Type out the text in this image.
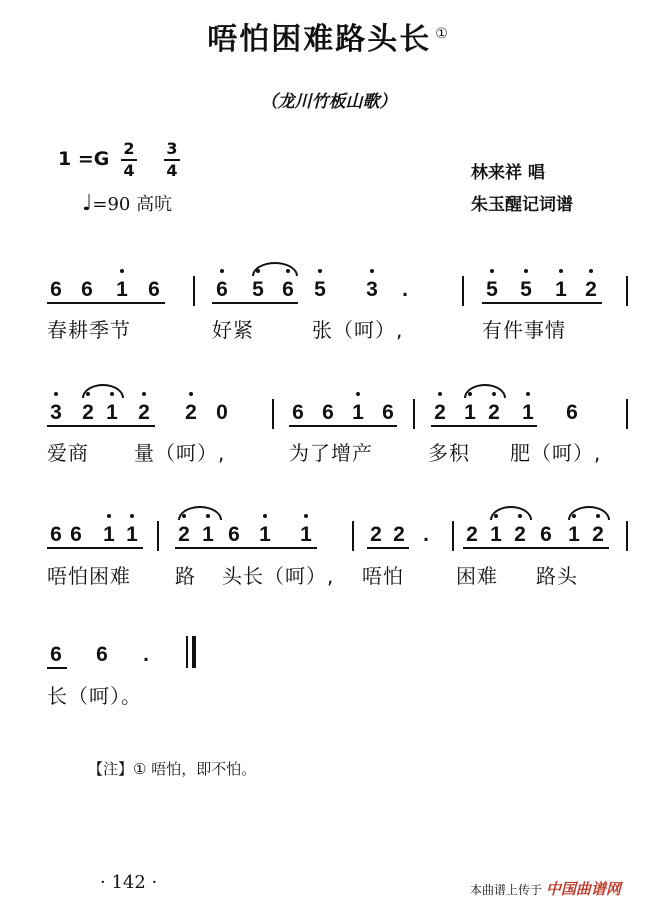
唔怕困难路头长 ①
（龙川竹板山歌）
1 =G 2
4
3
4
♩=90 高吭
林来祥 唱
朱玉醒记词谱
6 6 1 6	6 5 6 5 3 .	5 5 1 2
春耕季节	好紧	张（呵）,	有件事情
3 2 1 2 2 0	6 6 1 6 2 1 2 1 6
爱商 量（呵）,	为了增产	多积 肥（呵）,
6 6 1 1 2 1 6 1 1	2 2 . 2 1 2 6 1 2
唔怕困难 路 头长（呵）, 唔怕	困难 路头
6 6 .
长（呵）。
【注】① 唔怕，即不怕。
· 142 ·	本曲谱上传于 中国曲谱网
